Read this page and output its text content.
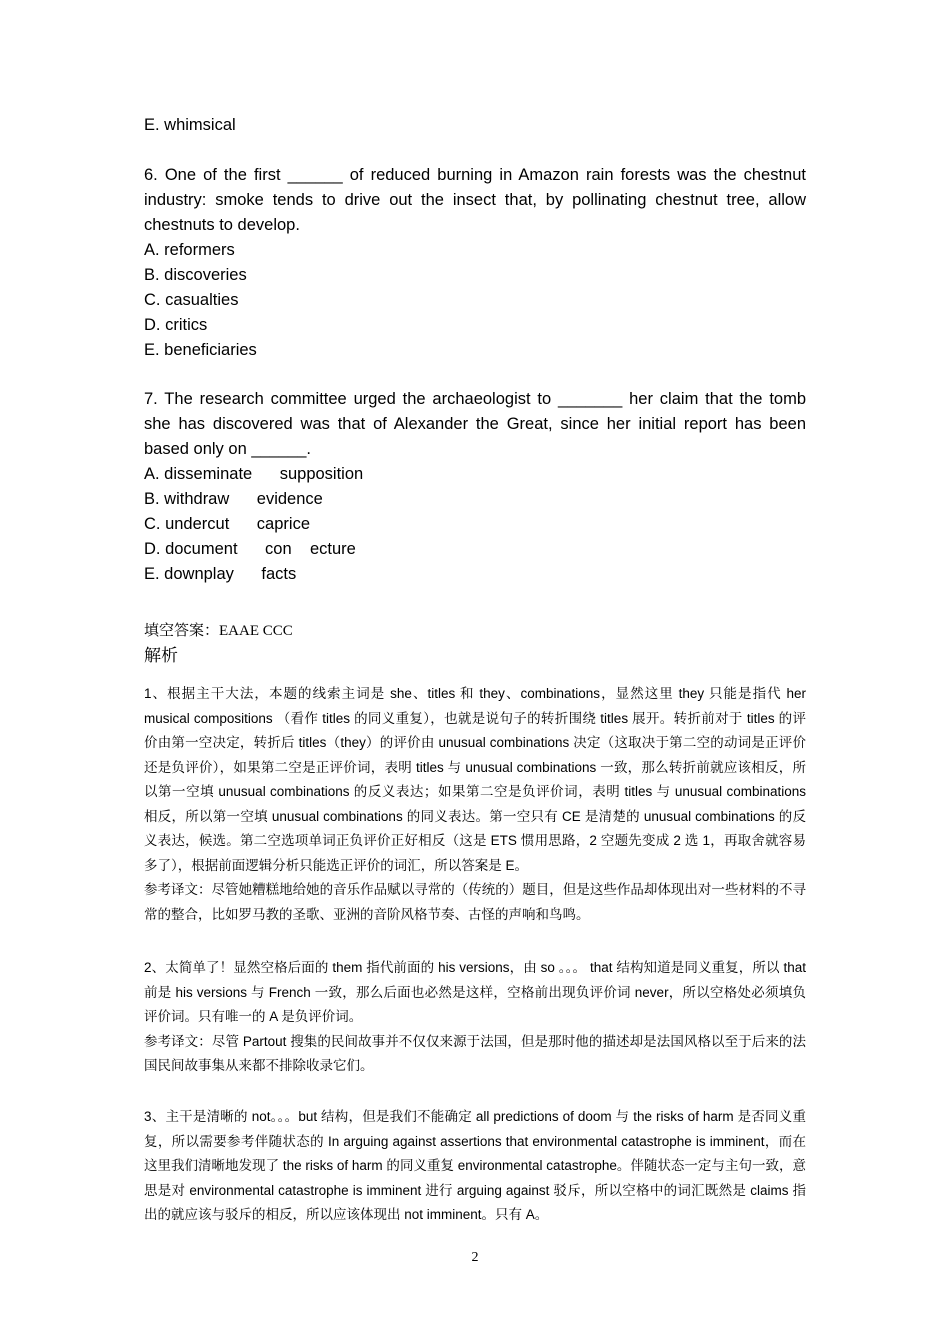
E. whimsical

6. One of the first ______ of reduced burning in Amazon rain forests was the chestnut industry: smoke tends to drive out the insect that, by pollinating chestnut tree, allow chestnuts to develop.

A. reformers

B. discoveries

C. casualties

D. critics

E. beneficiaries

7. The research committee urged the archaeologist to _______ her claim that the tomb she has discovered was that of Alexander the Great, since her initial report has been based only on ______.

A. disseminate      supposition

B. withdraw      evidence

C. undercut      caprice

D. document      con    ecture

E. downplay      facts

填空答案：EAAE CCC
解析

1、根据主干大法，本题的线索主词是 she、titles 和 they、combinations，显然这里 they 只能是指代 her musical compositions （看作 titles 的同义重复），也就是说句子的转折围绕 titles 展开。转折前对于 titles 的评价由第一空决定，转折后 titles（they）的评价由 unusual combinations 决定（这取决于第二空的动词是正评价还是负评价），如果第二空是正评价词，表明 titles 与 unusual combinations 一致，那么转折前就应该相反，所以第一空填 unusual combinations 的反义表达；如果第二空是负评价词，表明 titles 与 unusual combinations 相反，所以第一空填 unusual combinations 的同义表达。第一空只有 CE 是清楚的 unusual combinations 的反义表达，候选。第二空选项单词正负评价正好相反（这是 ETS 惯用思路，2 空题先变成 2 选 1，再取舍就容易多了），根据前面逻辑分析只能选正评价的词汇，所以答案是 E。

参考译文：尽管她糟糕地给她的音乐作品赋以寻常的（传统的）题目，但是这些作品却体现出对一些材料的不寻常的整合，比如罗马教的圣歌、亚洲的音阶风格节奏、古怪的声响和鸟鸣。

2、太简单了！显然空格后面的 them 指代前面的 his versions，由 so 。。。 that 结构知道是同义重复，所以 that 前是 his versions 与 French 一致，那么后面也必然是这样，空格前出现负评价词 never，所以空格处必须填负评价词。只有唯一的 A 是负评价词。

参考译文：尽管 Partout 搜集的民间故事并不仅仅来源于法国，但是那时他的描述却是法国风格以至于后来的法国民间故事集从来都不排除收录它们。

3、主干是清晰的 not。。。but 结构，但是我们不能确定 all predictions of doom 与 the risks of harm 是否同义重复，所以需要参考伴随状态的 In arguing against assertions that environmental catastrophe is imminent，而在这里我们清晰地发现了 the risks of harm 的同义重复 environmental catastrophe。伴随状态一定与主句一致，意思是对 environmental catastrophe is imminent 进行 arguing against 驳斥，所以空格中的词汇既然是 claims 指出的就应该与驳斥的相反，所以应该体现出 not imminent。只有 A。

2
